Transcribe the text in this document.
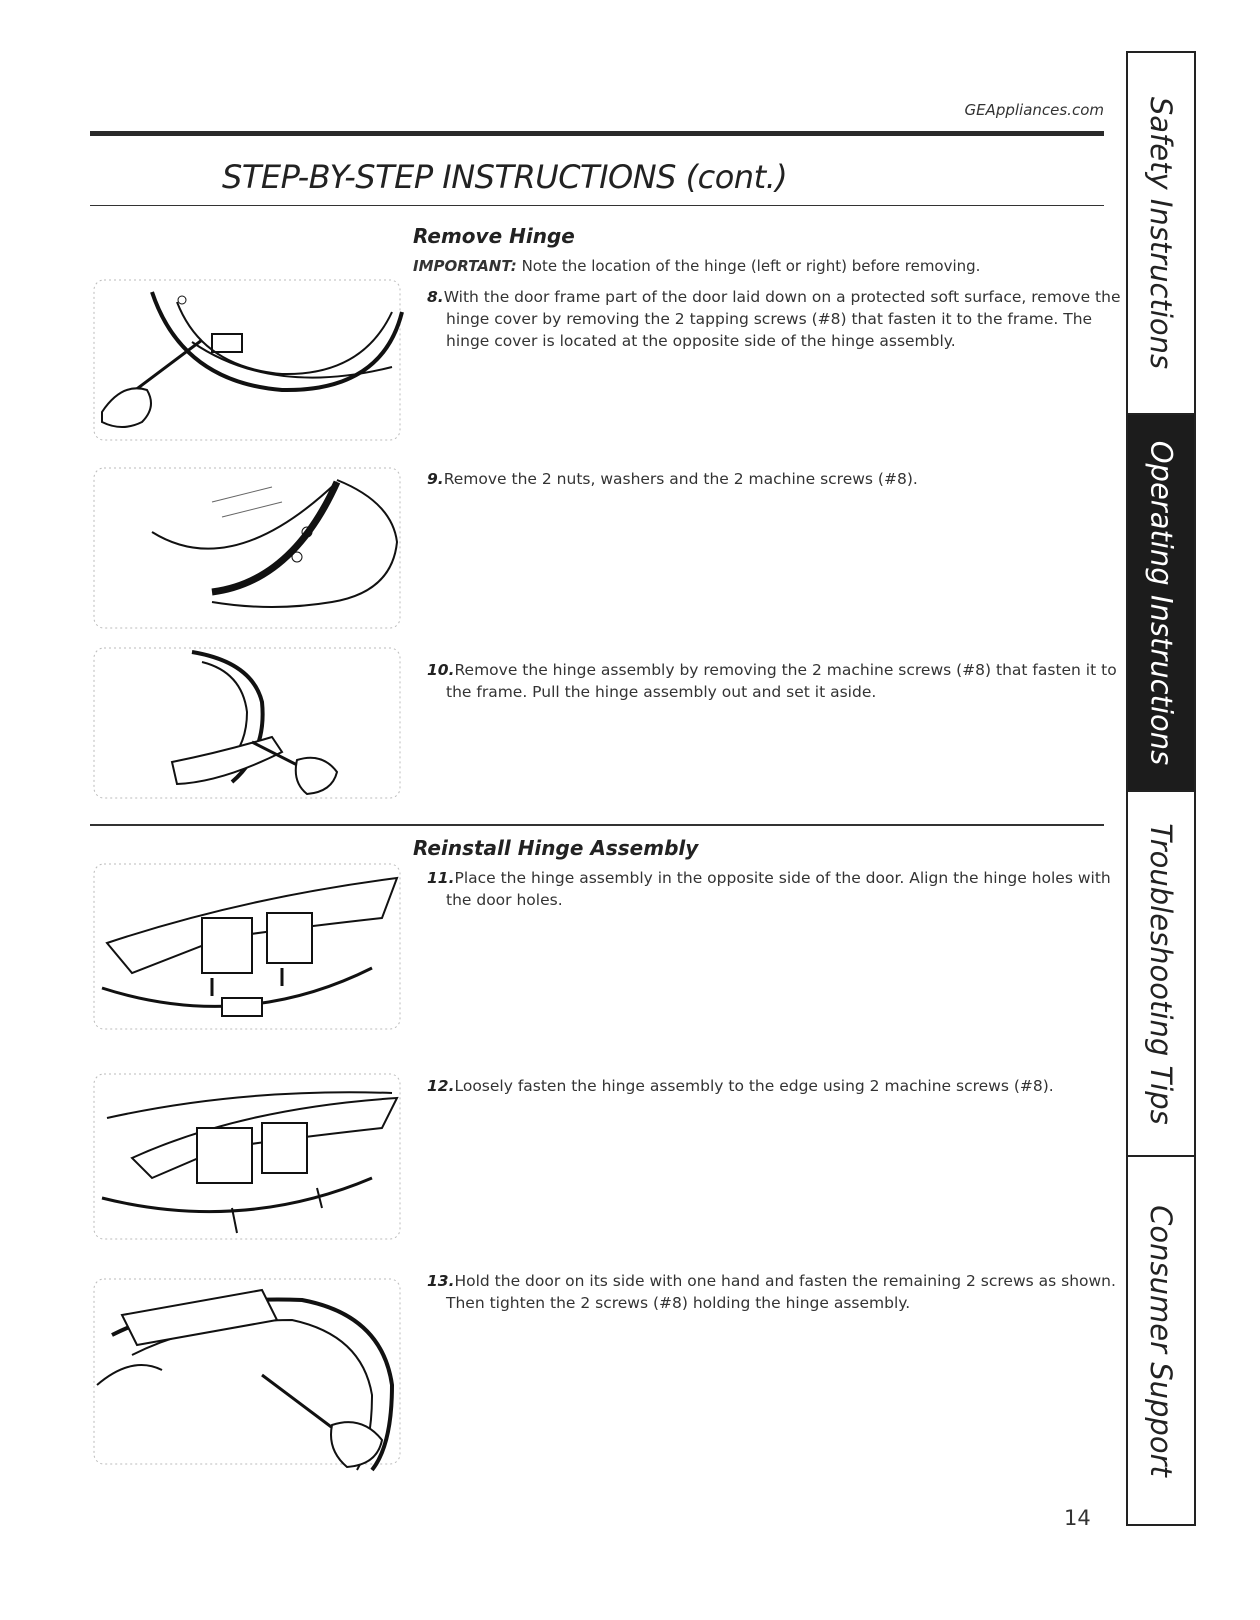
GEAppliances.com
STEP-BY-STEP INSTRUCTIONS (cont.)
Remove Hinge
IMPORTANT: Note the location of the hinge (left or right) before removing.
8.With the door frame part of the door laid down on a protected soft surface, remove the hinge cover by removing the 2 tapping screws (#8) that fasten it to the frame. The hinge cover is located at the opposite side of the hinge assembly.
9.Remove the 2 nuts, washers and the 2 machine screws (#8).
10.Remove the hinge assembly by removing the 2 machine screws (#8) that fasten it to the frame. Pull the hinge assembly out and set it aside.
Reinstall Hinge Assembly
11.Place the hinge assembly in the opposite side of the door. Align the hinge holes with the door holes.
12.Loosely fasten the hinge assembly to the edge using 2 machine screws (#8).
13.Hold the door on its side with one hand and fasten the remaining 2 screws as shown. Then tighten the 2 screws (#8) holding the hinge assembly.
Safety Instructions
Operating Instructions
Troubleshooting Tips
Consumer Support
14
